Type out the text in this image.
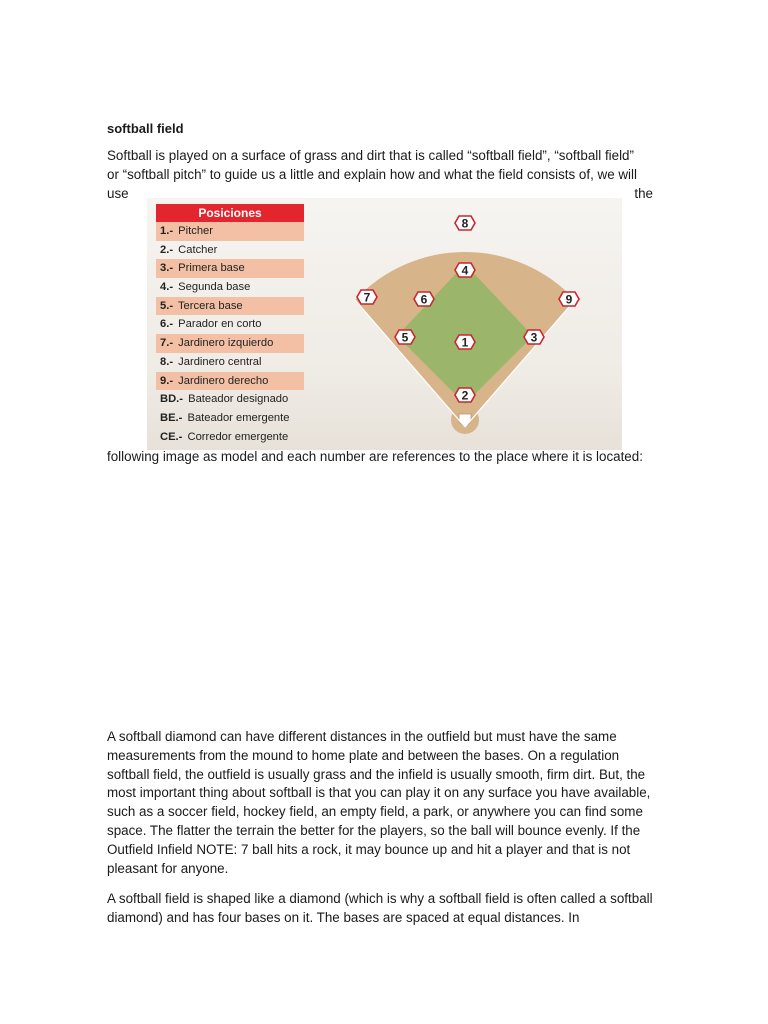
softball field

Softball is played on a surface of grass and dirt that is called “softball field”, “softball field”
or “softball pitch” to guide us a little and explain how and what the field consists of, we will
use	the
Posiciones
1.- Pitcher
2.- Catcher
3.- Primera base
4.- Segunda base
5.- Tercera base
6.- Parador en corto
7.- Jardinero izquierdo
8.- Jardinero central
9.- Jardinero derecho
BD.- Bateador designado
BE.- Bateador emergente
CE.- Corredor emergente
8
4
7	6	9
5	3
1
2

following image as model and each number are references to the place where it is located:

A softball diamond can have different distances in the outfield but must have the same measurements from the mound to home plate and between the bases. On a regulation softball field, the outfield is usually grass and the infield is usually smooth, firm dirt. But, the most important thing about softball is that you can play it on any surface you have available, such as a soccer field, hockey field, an empty field, a park, or anywhere you can find some space. The flatter the terrain the better for the players, so the ball will bounce evenly. If the Outfield Infield NOTE: 7 ball hits a rock, it may bounce up and hit a player and that is not pleasant for anyone.

A softball field is shaped like a diamond (which is why a softball field is often called a softball diamond) and has four bases on it. The bases are spaced at equal distances. In
